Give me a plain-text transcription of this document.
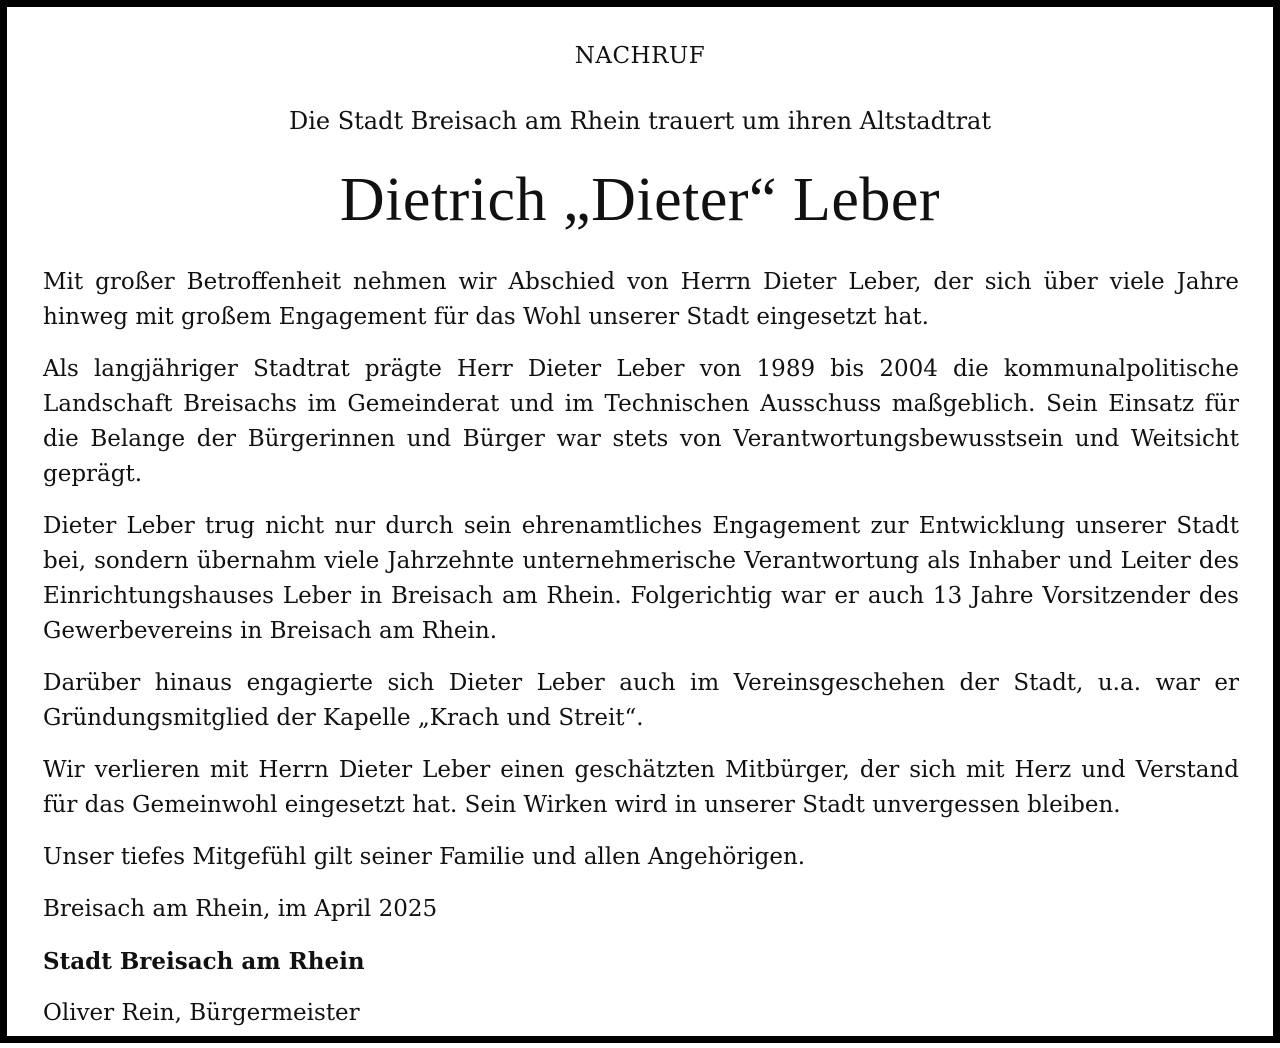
NACHRUF
Die Stadt Breisach am Rhein trauert um ihren Altstadtrat
Dietrich „Dieter“ Leber

Mit großer Betroffenheit nehmen wir Abschied von Herrn Dieter Leber, der sich über viele Jahre hinweg mit großem Engagement für das Wohl unserer Stadt eingesetzt hat.

Als langjähriger Stadtrat prägte Herr Dieter Leber von 1989 bis 2004 die kommunalpolitische Landschaft Breisachs im Gemeinderat und im Technischen Ausschuss maßgeblich. Sein Einsatz für die Belange der Bürgerinnen und Bürger war stets von Verantwortungsbewusstsein und Weitsicht geprägt.

Dieter Leber trug nicht nur durch sein ehrenamtliches Engagement zur Entwicklung unserer Stadt bei, sondern übernahm viele Jahrzehnte unternehmerische Verantwortung als Inhaber und Leiter des Einrichtungshauses Leber in Breisach am Rhein. Folgerichtig war er auch 13 Jahre Vorsitzender des Gewerbevereins in Breisach am Rhein.

Darüber hinaus engagierte sich Dieter Leber auch im Vereinsgeschehen der Stadt, u.a. war er Gründungsmitglied der Kapelle „Krach und Streit“.

Wir verlieren mit Herrn Dieter Leber einen geschätzten Mitbürger, der sich mit Herz und Verstand für das Gemeinwohl eingesetzt hat. Sein Wirken wird in unserer Stadt unvergessen bleiben.

Unser tiefes Mitgefühl gilt seiner Familie und allen Angehörigen.

Breisach am Rhein, im April 2025

Stadt Breisach am Rhein

Oliver Rein, Bürgermeister
